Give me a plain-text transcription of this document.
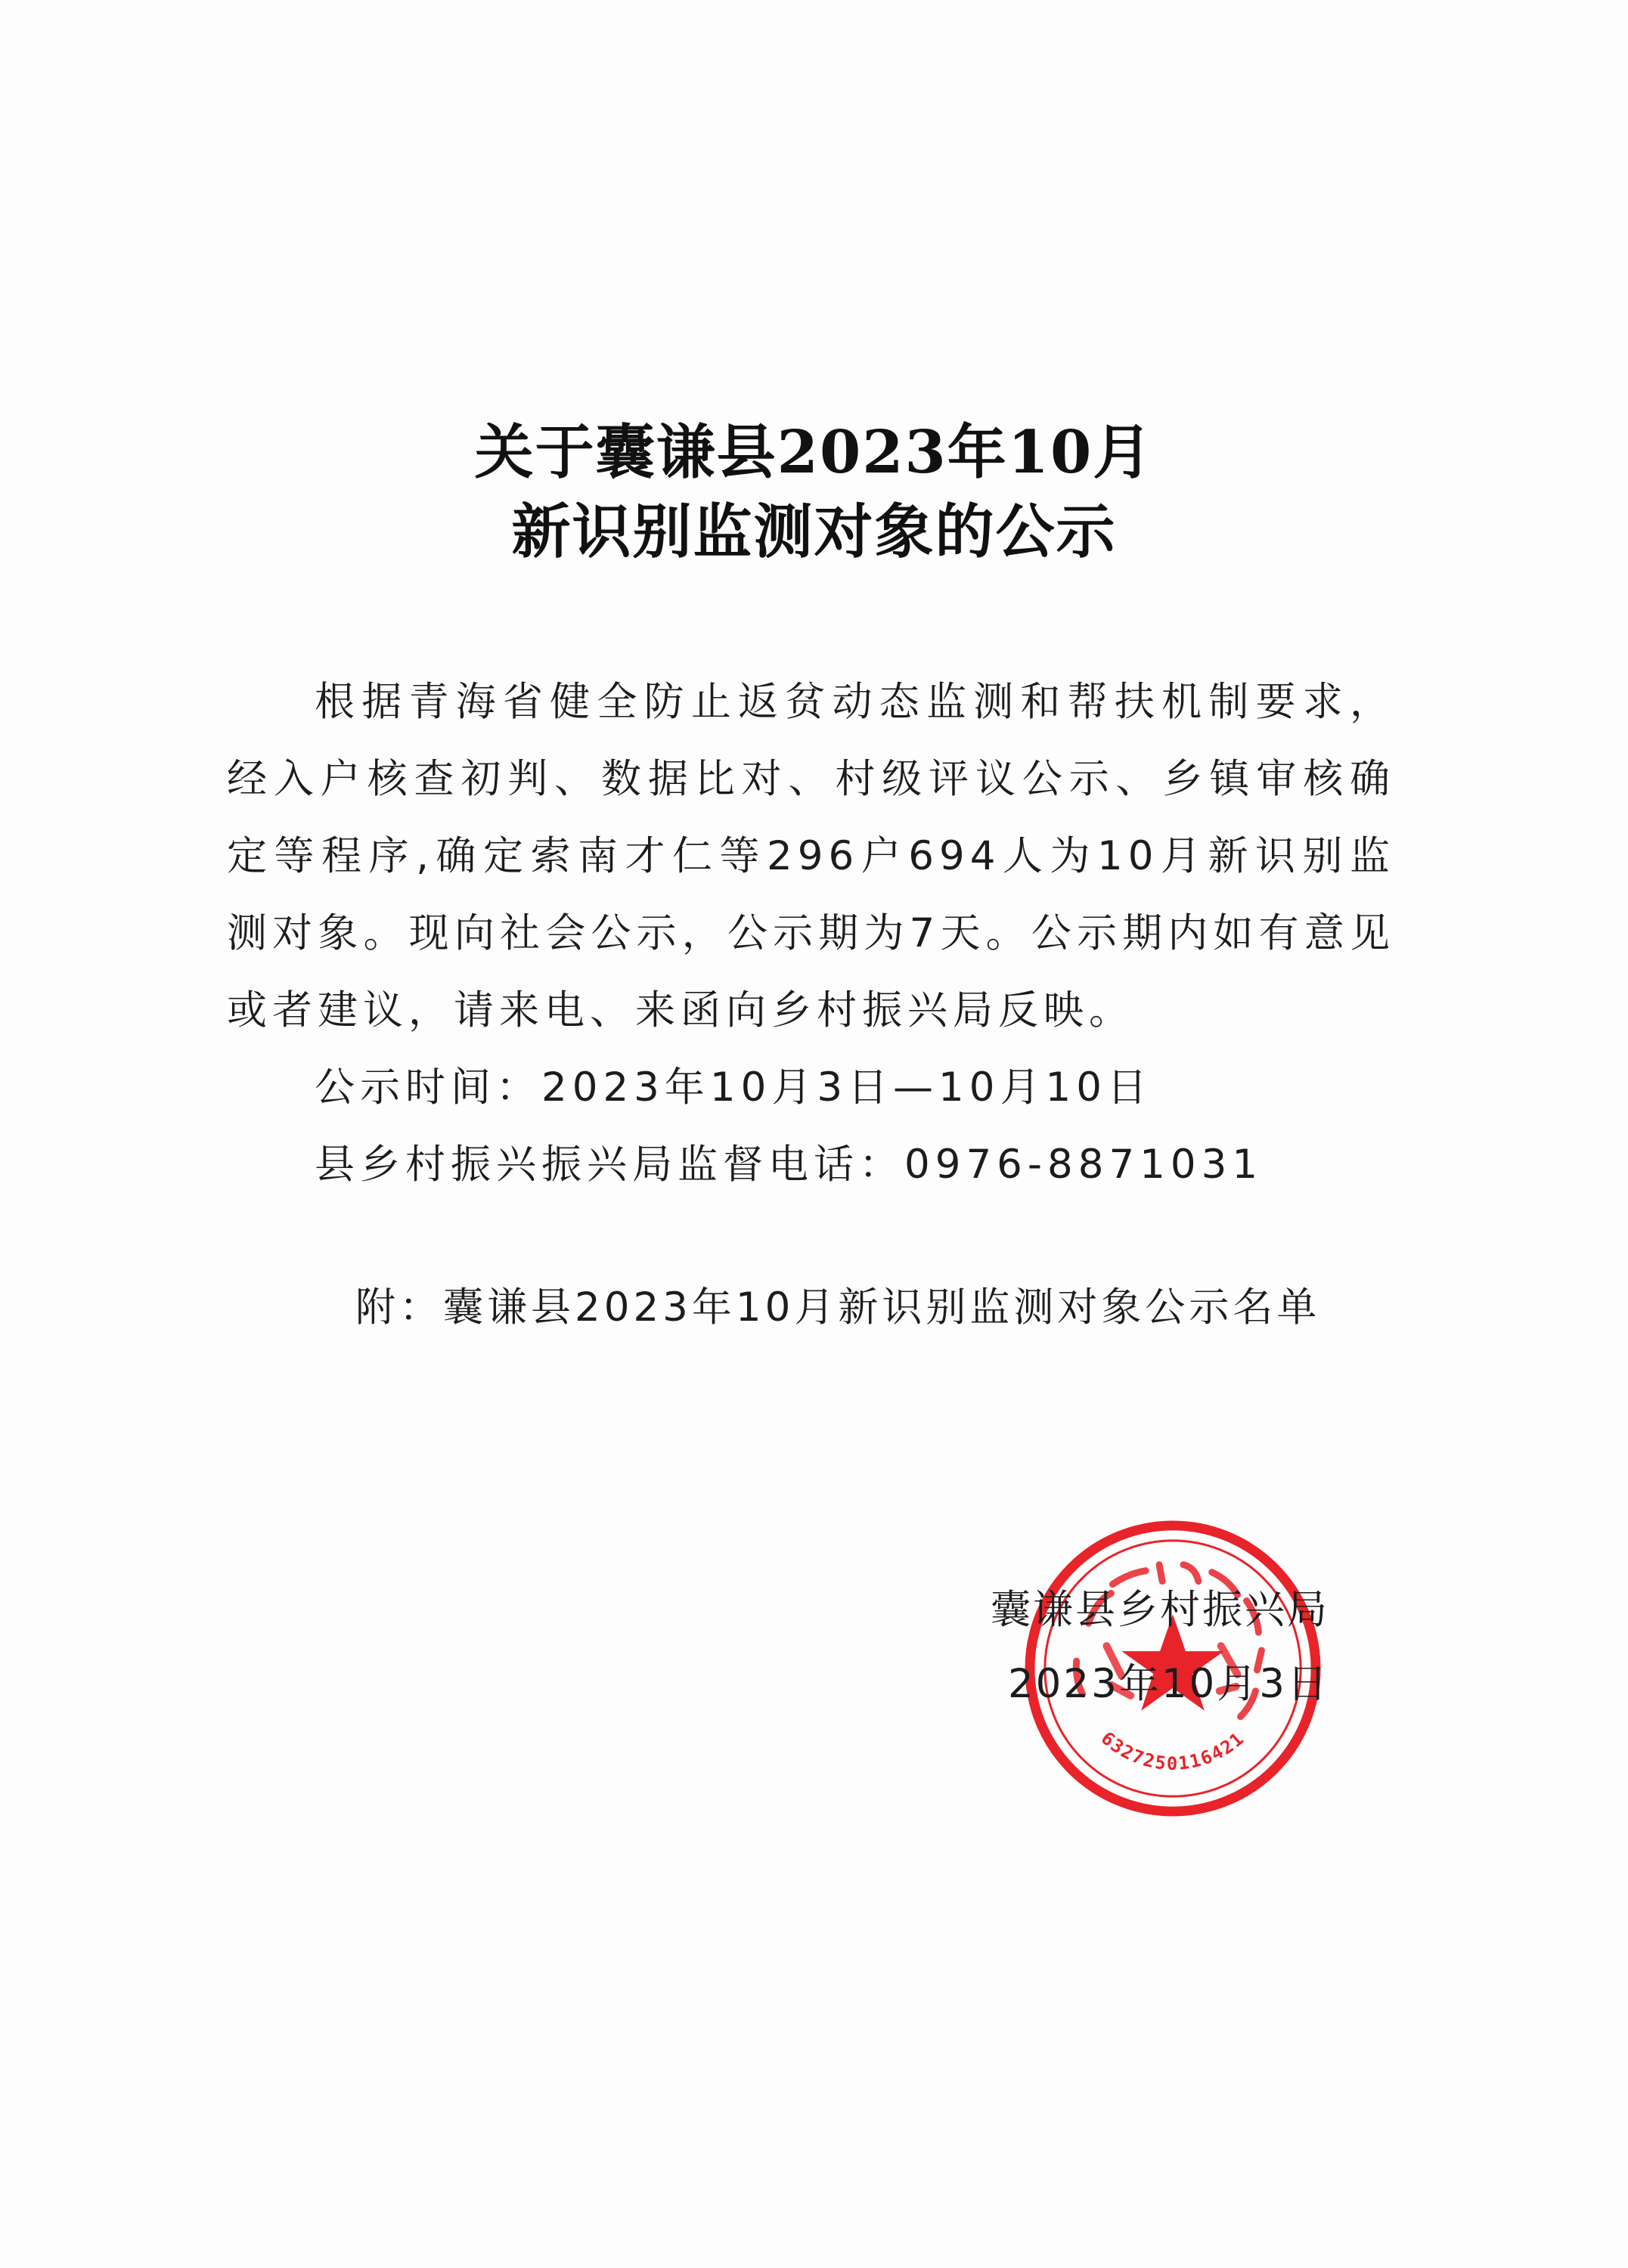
关于囊谦县2023年10月
新识别监测对象的公示

根据青海省健全防止返贫动态监测和帮扶机制要求，经入户核查初判、数据比对、村级评议公示、乡镇审核确定等程序,确定索南才仁等296户694人为10月新识别监测对象。现向社会公示，公示期为7天。公示期内如有意见或者建议，请来电、来函向乡村振兴局反映。

公示时间：2023年10月3日—10月10日

县乡村振兴振兴局监督电话：0976-8871031

附：囊谦县2023年10月新识别监测对象公示名单
6327250116421
囊谦县乡村振兴局
2023年10月3日
